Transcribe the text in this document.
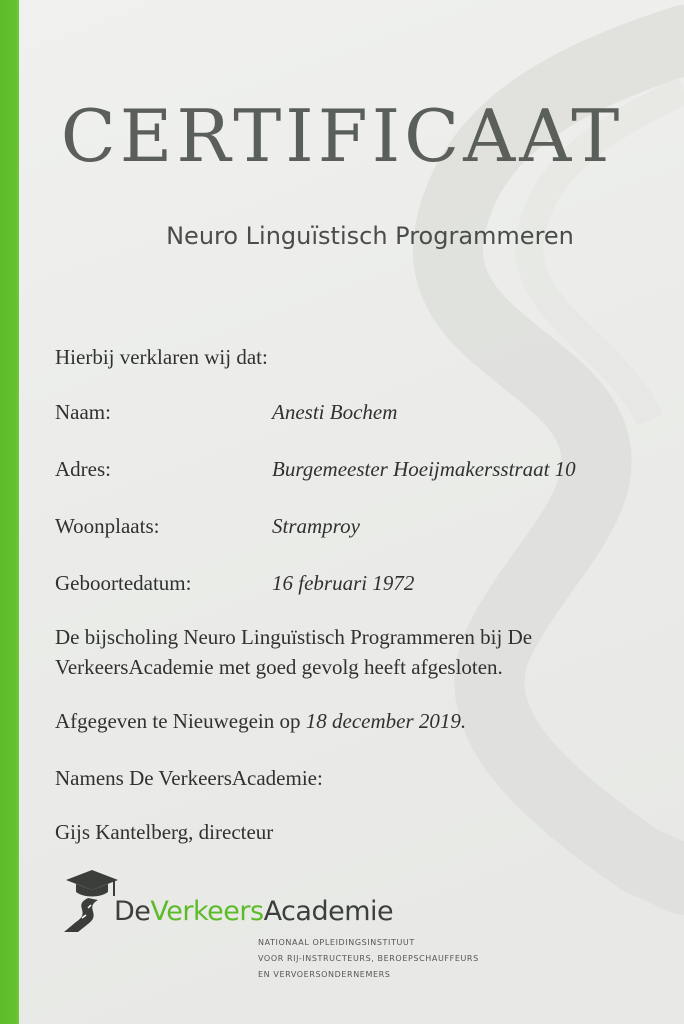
CERTIFICAAT
Neuro Linguïstisch Programmeren
Hierbij verklaren wij dat:
Naam:	Anesti Bochem
Adres:	Burgemeester Hoeijmakersstraat 10
Woonplaats:	Stramproy
Geboortedatum:	16 februari 1972
De bijscholing Neuro Linguïstisch Programmeren bij De
VerkeersAcademie met goed gevolg heeft afgesloten.
Afgegeven te Nieuwegein op 18 december 2019.
Namens De VerkeersAcademie:
Gijs Kantelberg, directeur
DeVerkeersAcademie
NATIONAAL OPLEIDINGSINSTITUUT
VOOR RIJ-INSTRUCTEURS, BEROEPSCHAUFFEURS
EN VERVOERSONDERNEMERS
